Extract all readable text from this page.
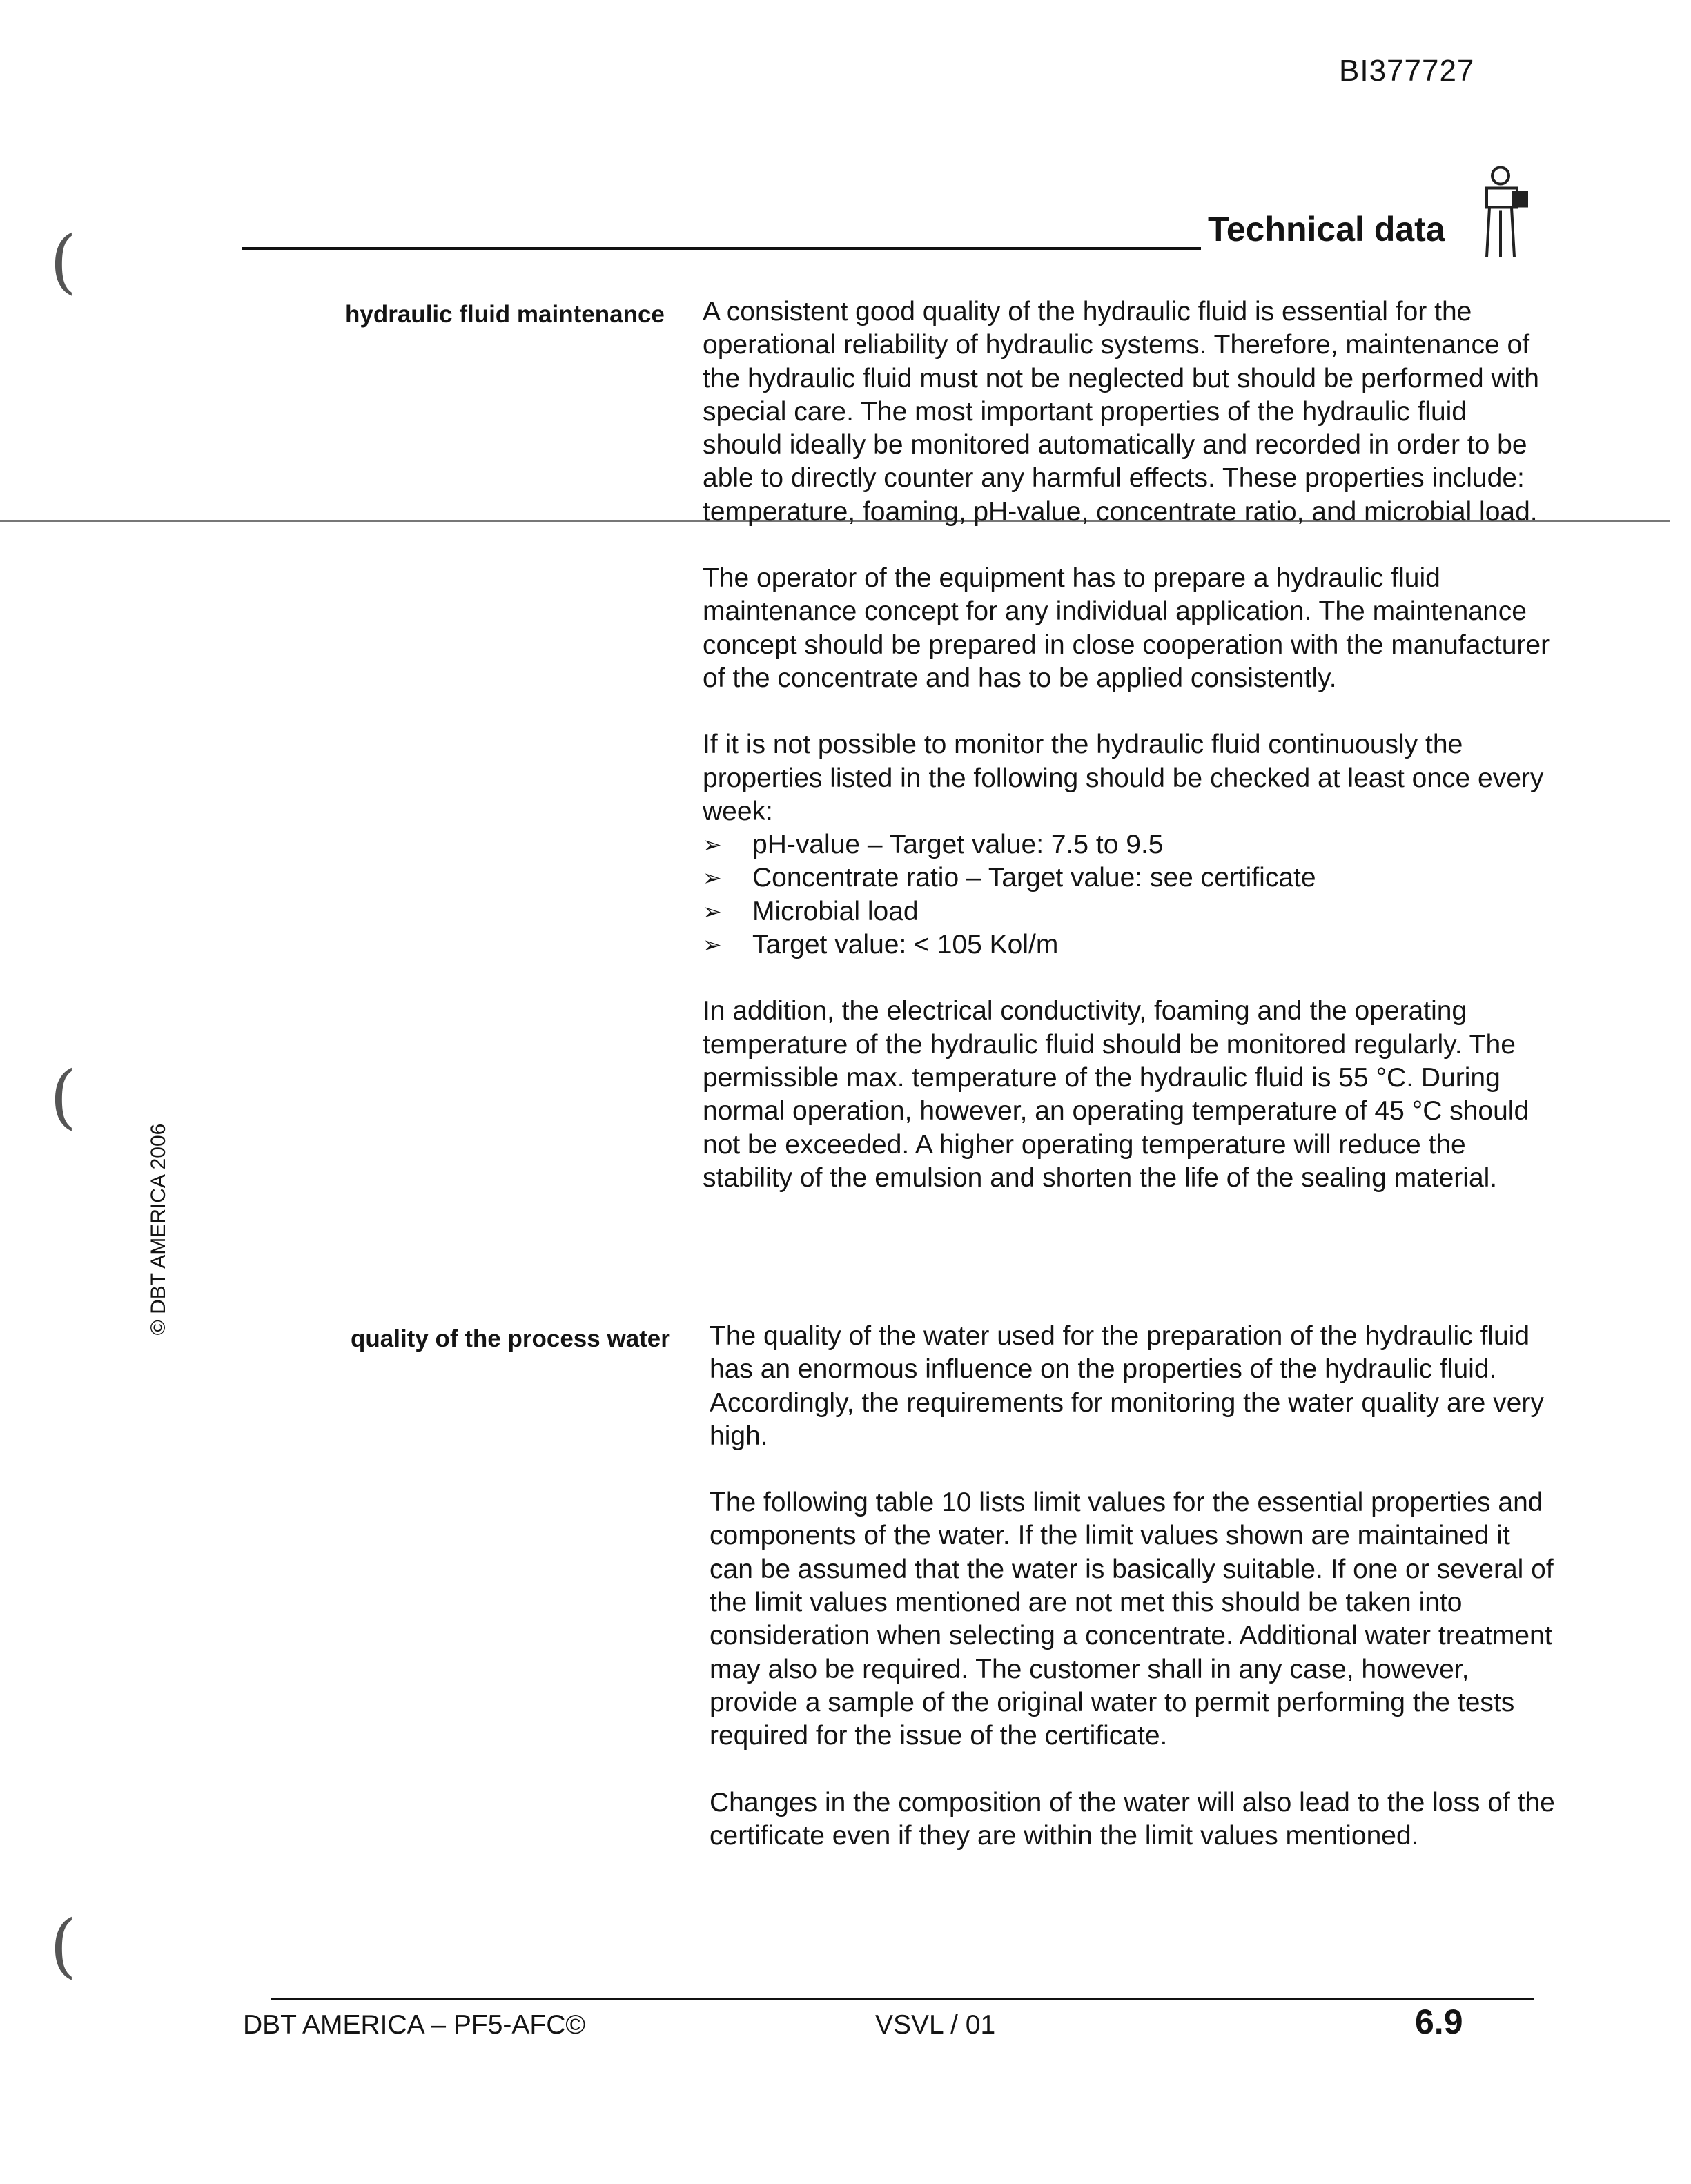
BI377727
Technical data
(
(
(
© DBT AMERICA 2006
hydraulic fluid maintenance A consistent good quality of the hydraulic fluid is essential for the operational reliability of hydraulic systems. Therefore, maintenance of the hydraulic fluid must not be neglected but should be performed with special care. The most important properties of the hydraulic fluid should ideally be monitored automatically and recorded in order to be able to directly counter any harmful effects. These properties include: temperature, foaming, pH-value, concentrate ratio, and microbial load.

The operator of the equipment has to prepare a hydraulic fluid maintenance concept for any individual application. The maintenance concept should be prepared in close cooperation with the manufacturer of the concentrate and has to be applied consistently.

If it is not possible to monitor the hydraulic fluid continuously the properties listed in the following should be checked at least once every week:

➢ pH-value – Target value: 7.5 to 9.5
➢ Concentrate ratio – Target value: see certificate
➢ Microbial load
➢ Target value: < 105 Kol/m

In addition, the electrical conductivity, foaming and the operating temperature of the hydraulic fluid should be monitored regularly. The permissible max. temperature of the hydraulic fluid is 55 °C. During normal operation, however, an operating temperature of 45 °C should not be exceeded. A higher operating temperature will reduce the stability of the emulsion and shorten the life of the sealing material.

quality of the process water The quality of the water used for the preparation of the hydraulic fluid has an enormous influence on the properties of the hydraulic fluid. Accordingly, the requirements for monitoring the water quality are very high.

The following table 10 lists limit values for the essential properties and components of the water. If the limit values shown are maintained it can be assumed that the water is basically suitable. If one or several of the limit values mentioned are not met this should be taken into consideration when selecting a concentrate. Additional water treatment may also be required. The customer shall in any case, however, provide a sample of the original water to permit performing the tests required for the issue of the certificate.

Changes in the composition of the water will also lead to the loss of the certificate even if they are within the limit values mentioned.

DBT AMERICA – PF5-AFC©	VSVL / 01	6.9
